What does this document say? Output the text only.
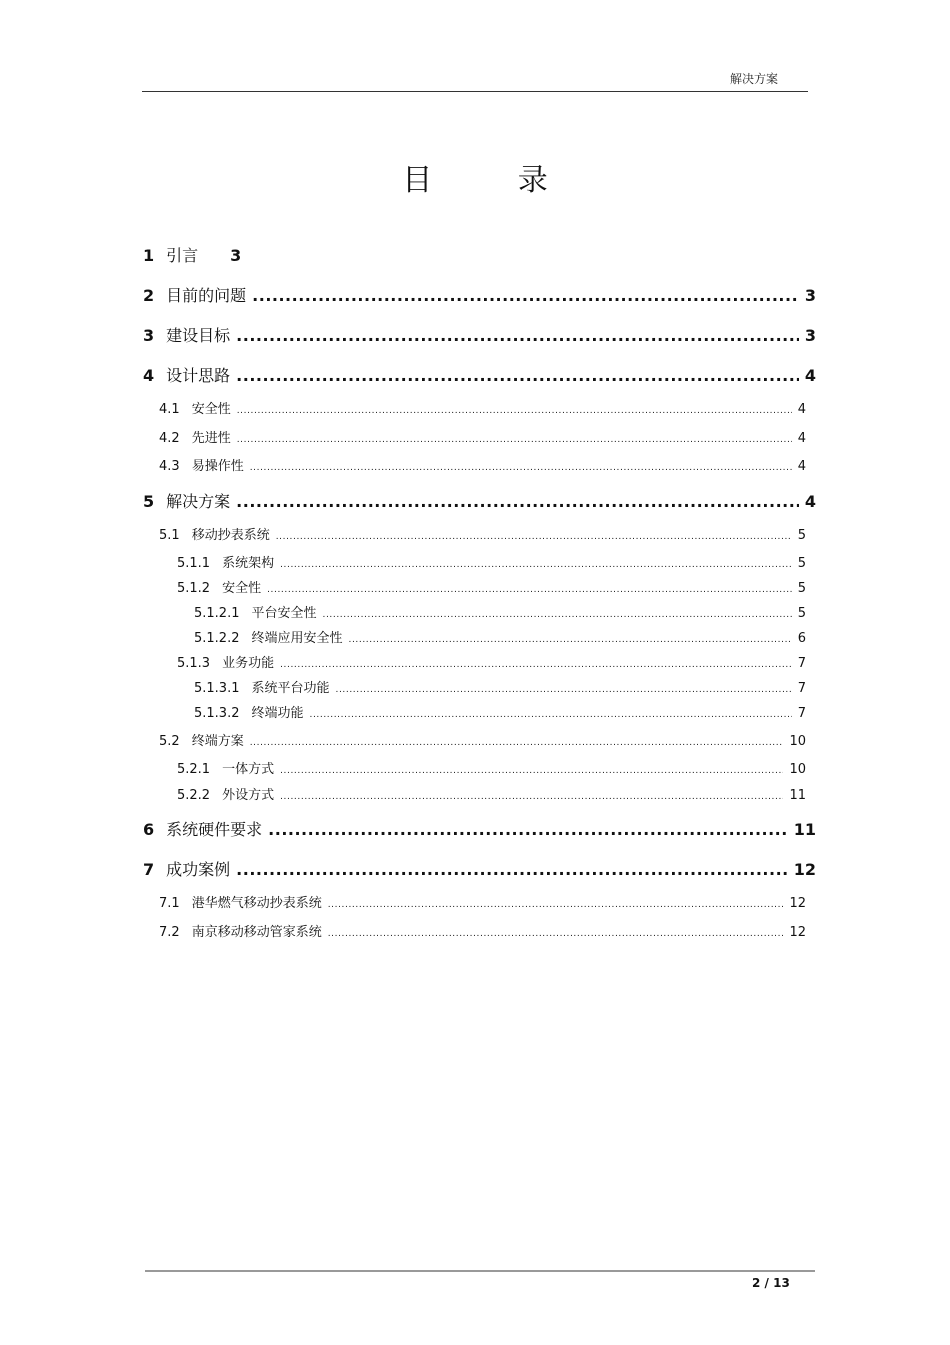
解决方案
目 录
1 引言 3
2 目前的问题 .....	3
3 建设目标 .....	3
4 设计思路 .....	4
4.1 安全性 .....	4
4.2 先进性 .....	4
4.3 易操作性 .....	4
5 解决方案 .....	4
5.1 移动抄表系统 .....	5
5.1.1 系统架构 .....	5
5.1.2 安全性 .....	5
5.1.2.1 平台安全性 .....	5
5.1.2.2 终端应用安全性 .....	6
5.1.3 业务功能 .....	7
5.1.3.1 系统平台功能 .....	7
5.1.3.2 终端功能 .....	7
5.2 终端方案 .....	10
5.2.1 一体方式 .....	10
5.2.2 外设方式 .....	11
6 系统硬件要求 .....	11
7 成功案例 .....	12
7.1 港华燃气移动抄表系统 .....	12
7.2 南京移动移动管家系统 .....	12
2 / 13
